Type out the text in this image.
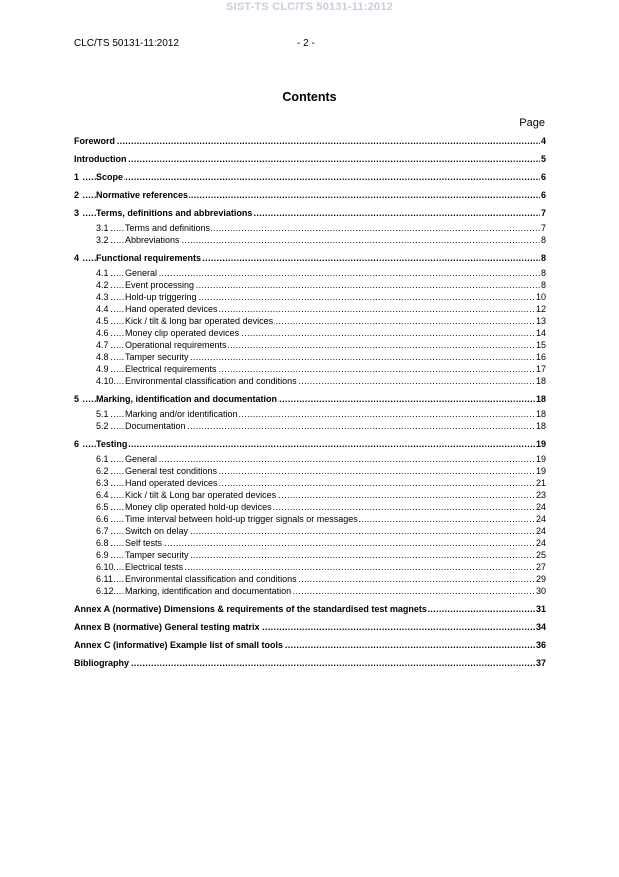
SIST-TS CLC/TS 50131-11:2012
CLC/TS 50131-11:2012	- 2 -
Contents
Page
Foreword	4
.....
Introduction	5
.....
1	Scope	6
.....
2	Normative references	6
.....
3	Terms, definitions and abbreviations	7
.....
3.1 Terms and definitions	7
.....
3.2 Abbreviations	8
.....
4	Functional requirements	8
.....
4.1 General	8
.....
4.2 Event processing	8
.....
4.3 Hold-up triggering	10
.....
4.4 Hand operated devices	12
.....
4.5 Kick / tilt & long bar operated devices	13
.....
4.6 Money clip operated devices	14
.....
4.7 Operational requirements	15
.....
4.8 Tamper security	16
.....
4.9 Electrical requirements	17
.....
4.10 Environmental classification and conditions	18
.....
5	Marking, identification and documentation	18
.....
5.1 Marking and/or identification	18
.....
5.2 Documentation	18
.....
6	Testing	19
.....
6.1 General	19
.....
6.2 General test conditions	19
.....
6.3 Hand operated devices	21
.....
6.4 Kick / tilt & Long bar operated devices	23
.....
6.5 Money clip operated hold-up devices	24
.....
6.6 Time interval between hold-up trigger signals or messages	24
.....
6.7 Switch on delay	24
.....
6.8 Self tests	24
.....
6.9 Tamper security	25
.....
6.10 Electrical tests	27
.....
6.11 Environmental classification and conditions	29
.....
6.12 Marking, identification and documentation	30
.....
Annex A (normative) Dimensions & requirements of the standardised test magnets	31
.....
Annex B (normative) General testing matrix	34
.....
Annex C (informative) Example list of small tools	36
.....
Bibliography	37
.....
